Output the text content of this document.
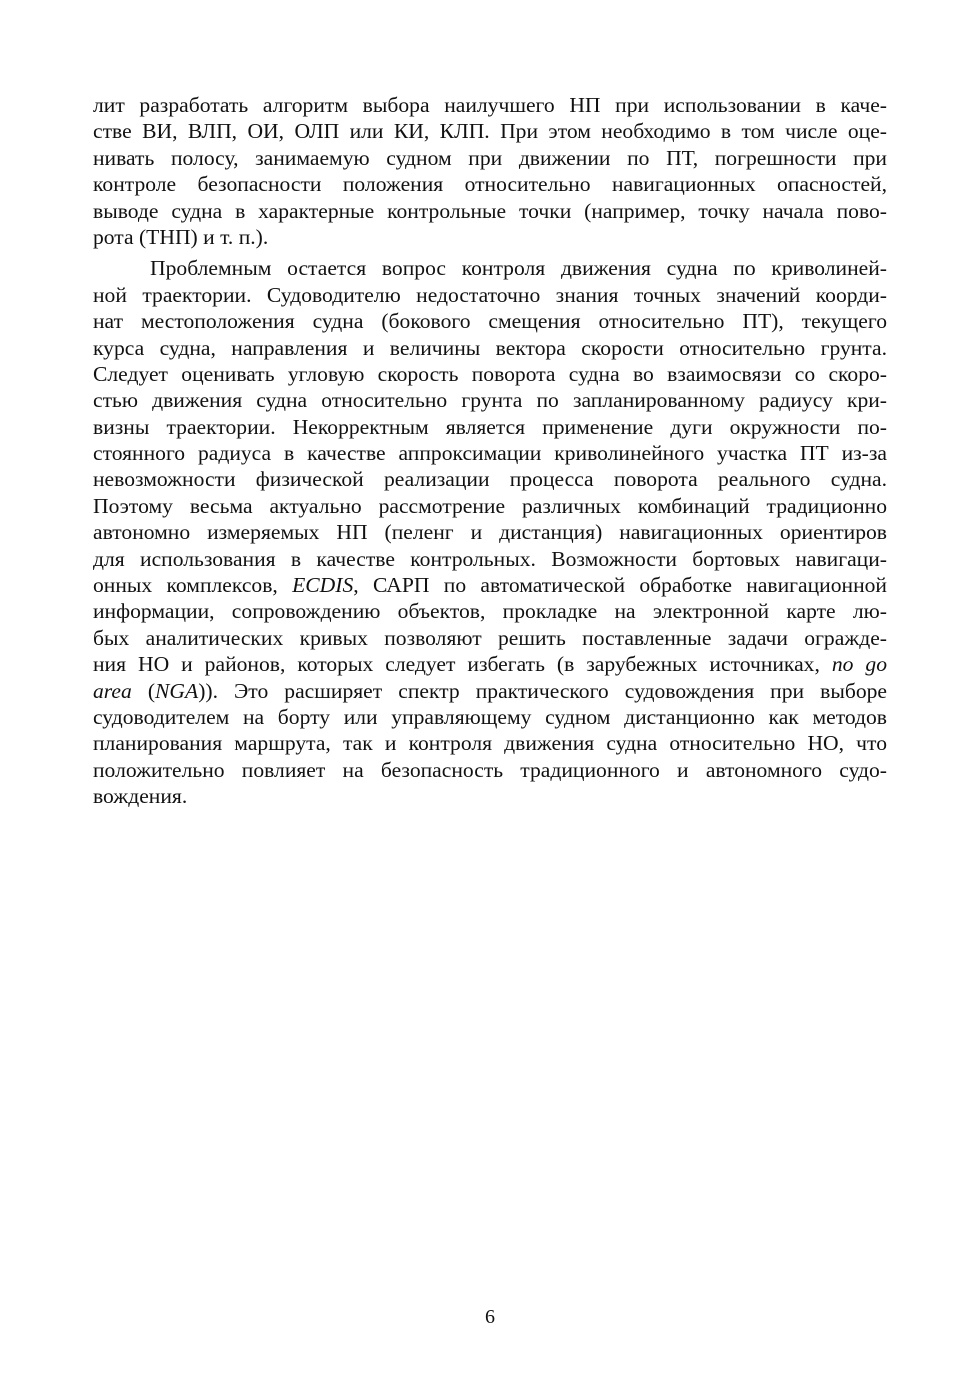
лит разработать алгоритм выбора наилучшего НП при использовании в каче-
стве ВИ, ВЛП, ОИ, ОЛП или КИ, КЛП. При этом необходимо в том числе оце-
нивать полосу, занимаемую судном при движении по ПТ, погрешности при
контроле безопасности положения относительно навигационных опасностей,
выводе судна в характерные контрольные точки (например, точку начала пово-
рота (ТНП) и т. п.).
Проблемным остается вопрос контроля движения судна по криволиней-
ной траектории. Судоводителю недостаточно знания точных значений коорди-
нат местоположения судна (бокового смещения относительно ПТ), текущего
курса судна, направления и величины вектора скорости относительно грунта.
Следует оценивать угловую скорость поворота судна во взаимосвязи со скоро-
стью движения судна относительно грунта по запланированному радиусу кри-
визны траектории. Некорректным является применение дуги окружности по-
стоянного радиуса в качестве аппроксимации криволинейного участка ПТ из-за
невозможности физической реализации процесса поворота реального судна.
Поэтому весьма актуально рассмотрение различных комбинаций традиционно
автономно измеряемых НП (пеленг и дистанция) навигационных ориентиров
для использования в качестве контрольных. Возможности бортовых навигаци-
онных комплексов, ECDIS, САРП по автоматической обработке навигационной
информации, сопровождению объектов, прокладке на электронной карте лю-
бых аналитических кривых позволяют решить поставленные задачи огражде-
ния НО и районов, которых следует избегать (в зарубежных источниках, no go
area (NGA)). Это расширяет спектр практического судовождения при выборе
судоводителем на борту или управляющему судном дистанционно как методов
планирования маршрута, так и контроля движения судна относительно НО, что
положительно повлияет на безопасность традиционного и автономного судо-
вождения.
6
